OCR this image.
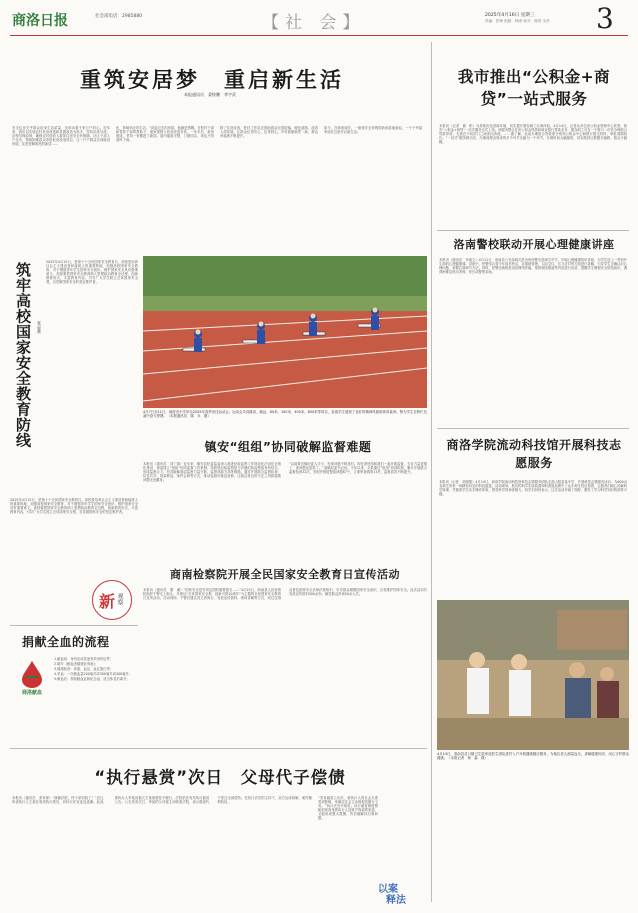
商洛日报	社会部电话：2985880	【社 会】	2025年4月16日 星期三
责编：张锋 组版：韩涛 校对：蒋明 全彦 3
重筑安居梦　重启新生活
本报通讯员　姜牧鹏　李宇武
安全住房关乎群众切身生活质量，也牵动着千家万户的心。近年来，我市以实施农村危房改造和抗震改造为抓手，坚持应改尽改、应保尽保原则，确保农村低收入群体住房安全有保障。社区干部入户走访，帮助困难群众申报危房改造项目，让一户户群众告别破旧房屋，住进宽敞明亮的新居……
化，影响到正常生活。”说起过去的房屋，他满是感慨。在驻村干部和帮扶干部的帮助下，他家被纳入危房改造对象，一年多后，新房建成，老刘一家搬进了新居。屋内墙面平整，门窗结实，再也不怕刮风下雨。
除了住房改造，驻村工作队还帮助群众完善院落、硬化道路、改善人居环境，让群众住得安心、住得舒心。乡村面貌焕然一新，群众幸福感不断提升。
如今，在商洛城乡，一座座安全美观的新房拔地而起，一个个幸福家庭在这里开启新生活。
我市推出“公积金+商贷”一站式服务
本报讯（记者　谢　彬）为持续优化营商环境，切实提升缴存职工办事体验，4月14日，记者从市住房公积金管理中心获悉，我市“公积金+商贷”一站式服务正式上线。该服务整合住房公积金贷款和商业银行贷款业务，缴存职工可在一个窗口一次性办理组合贷款申请，无需在不同部门之间来回奔波。……据了解，此前办理组合贷款需分别到公积金中心和银行提交材料，审批周期较长。“一站式”服务推出后，办理流程由原来的多个环节压缩为一个环节，办理时间大幅缩短，切实做到让数据多跑路、群众少跑腿。
筑牢高校国家安全教育防线 张显豪
2025年4月15日，是第十个全民国家安全教育日。高校是培养社会主义建设者和接班人的重要阵地，加强高校国家安全教育，对于增强青年学生国家安全意识、维护国家安全具有重要意义。高校要把国家安全教育纳入思想政治教育全过程，创新教育形式，丰富教育内容，引导广大学生树立总体国家安全观，自觉做国家安全的坚定维护者。
4月7日至11日，商洛市小学举办2025年春季田径运动会。运动会共设跳高、跳远、60米、100米、400米、800米等项目，参赛学生展现了良好的精神风貌和体育素养。图为学生在跨栏比赛中奋力拼搏。（本报通讯员　陈　永　摄）
洛南警校联动开展心理健康讲座
本报讯（通讯员　李嘉文）4月11日，洛南县公安局城关派出所民警走进城关中学，开展心理健康知识讲座，为学生送上一堂别开生面的心理健康课。讲座中，民警结合青少年成长特点，从情绪管理、人际交往、压力应对等方面进行讲解，引导学生正确认识心理问题，掌握自我调节方法。同时，民警还就防范电信网络诈骗、预防校园欺凌等内容进行宣讲，提醒学生增强安全防范意识，遇到困难及时向老师、家长或警察求助。
镇安“组组”协同破解监督难题
本报讯（通讯员　刘丁娟）近年来，镇安县纪委监委深入推进纪检监察工作规范化法治化正规化建设，探索建立“组组”协同监督工作机制，将派驻纪检监察组与乡镇纪检监察组有机结合，形成监督合力，有效破解基层监督力量分散、监督效能不高等难题。通过开展联合监督检查、信息共享、线索移送、案件会商等方式，推动监督向基层延伸，让群众身边的不正之风和腐败问题无处藏身。
“以前我们镇纪委人手少，发现问题不够及时。现在派驻组和我们一起开展监督，专业力量更强了，查问题也更准了。”某镇纪委书记说。今年以来，全县通过“组组”协同机制，累计开展联合监督检查32次，发现并督促整改问题87个，立案审查调查11件，监督质效不断提升。
2025年4月15日，是第十个全民国家安全教育日。高校是培养社会主义建设者和接班人的重要阵地，加强高校国家安全教育，对于增强青年学生国家安全意识、维护国家安全具有重要意义。高校要把国家安全教育纳入思想政治教育全过程，创新教育形式，丰富教育内容，引导广大学生树立总体国家安全观，自觉做国家安全的坚定维护者。
新 观察
捐献全血的流程
商洛献血
1.献血前：身份证或其他有效身份证件；
2.填写《献血者健康征询表》；
3.健康检查：体重、血压、血红蛋白等；
4.采血：一次献血量200毫升或300毫升或400毫升；
5.献血后：领取献血证和纪念品，适当休息后离开。
商洛学院流动科技馆开展科技志愿服务
本报讯（记者　刘强强）4月14日，商洛学院流动科技馆科技志愿服务团队走进山阳县某中学，开展科技志愿服务活动，为600余名师生带来一场精彩纷呈的科技盛宴。活动现场，展出的科学实验装置和科普展品吸引了众多师生驻足观看，志愿者们耐心讲解科学原理，并邀请学生动手操作体验，感受科学的神奇魅力。同学们纷纷表示，这次活动开阔了视野，激发了学习科学知识的浓厚兴趣。
商南检察院开展全民国家安全教育日宣传活动
本报讯（通讯员　董　溪）“国家安全是安邦定国的重要基石……”4月15日，商南县人民检察院组织干警走上街头，开展以“总体国家安全观　创新引领10周年”为主题的全民国家安全教育日宣传活动。活动现场，干警们通过设立咨询台、发放宣传资料、现场讲解等方式，向过往群众普及国家安全法律法规知识，引导群众增强国家安全意识，自觉维护国家安全。此次活动共发放宣传资料300余份，解答群众咨询50余人次。
4月14日，洛南县灵口镇卫生院家庭医生团队进村入户开展健康随访服务，为辖区老人测量血压、讲解健康知识，用心守护群众健康。（本报记者　杨　森　摄）
“执行悬赏”次日　父母代子偿债
本报讯（通讯员　张家豪）“谢谢法院，终于拿到钱了！”近日，申请执行人王某在收到执行款后，向执行法官连连道谢。此前，被执行人李某因拖欠王某借款拒不履行，法院依法发布执行悬赏公告。公告发布次日，李某的父母便主动联系法院，表示愿意代子偿还全部债务。在执行法官的主持下，双方达成和解，案件顺利执结。
“发布悬赏公告后，被执行人的社会关系受到影响，家属往往会主动督促其履行义务。”执行法官介绍说。执行悬赏制度既能拓宽查找被执行人及财产线索的渠道，又能形成强大震慑，有效破解执行难问题。
以案
释法
